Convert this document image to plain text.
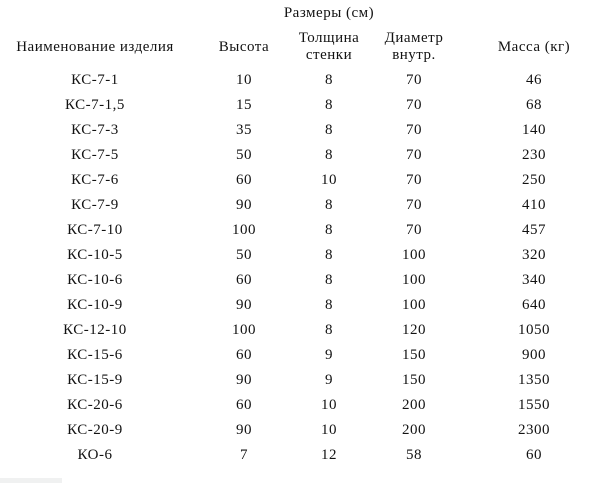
	Размеры (см)			
Наименование изделия	Высота	Толщина стенки	Диаметр внутр.	Масса (кг)
КС-7-1	10	8	70	46
КС-7-1,5	15	8	70	68
КС-7-3	35	8	70	140
КС-7-5	50	8	70	230
КС-7-6	60	10	70	250
КС-7-9	90	8	70	410
КС-7-10	100	8	70	457
КС-10-5	50	8	100	320
КС-10-6	60	8	100	340
КС-10-9	90	8	100	640
КС-12-10	100	8	120	1050
КС-15-6	60	9	150	900
КС-15-9	90	9	150	1350
КС-20-6	60	10	200	1550
КС-20-9	90	10	200	2300
КО-6	7	12	58	60
